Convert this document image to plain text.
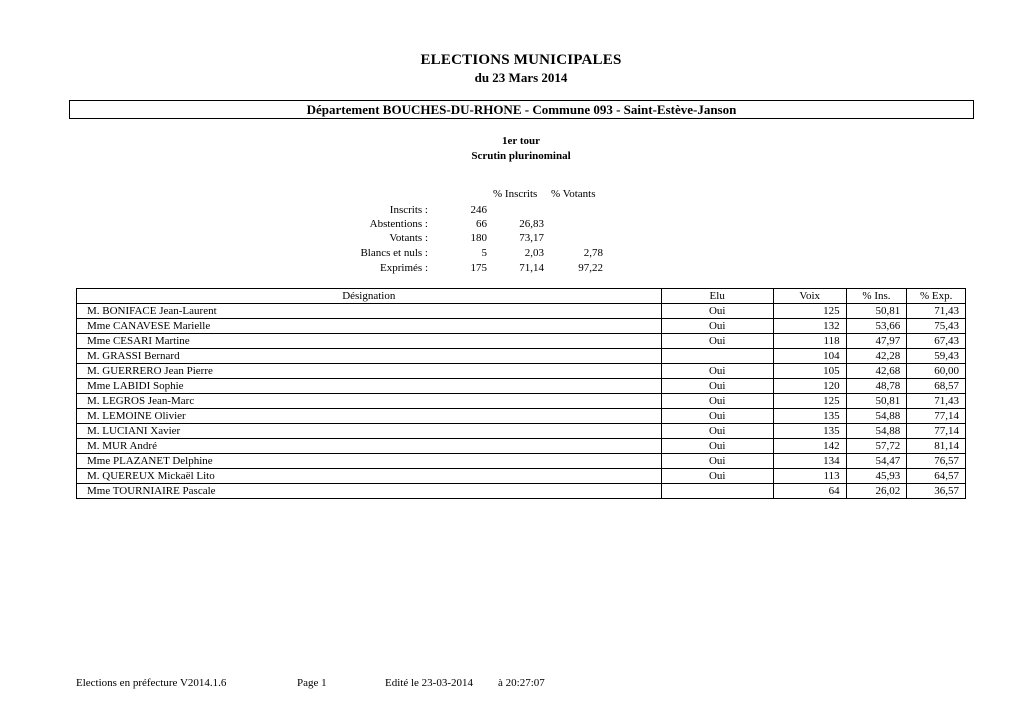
ELECTIONS MUNICIPALES
du 23 Mars 2014
Département BOUCHES-DU-RHONE - Commune 093 - Saint-Estève-Janson
1er tour
Scrutin plurinominal
% Inscrits % Votants
Inscrits :	246
Abstentions :	66	26,83
Votants :	180	73,17
Blancs et nuls :	5	2,03	2,78
Exprimés :	175	71,14	97,22
Désignation	Elu	Voix	% Ins.	% Exp.
M. BONIFACE Jean-Laurent	Oui	125	50,81	71,43
Mme CANAVESE Marielle	Oui	132	53,66	75,43
Mme CESARI Martine	Oui	118	47,97	67,43
M. GRASSI Bernard		104	42,28	59,43
M. GUERRERO Jean Pierre	Oui	105	42,68	60,00
Mme LABIDI Sophie	Oui	120	48,78	68,57
M. LEGROS Jean-Marc	Oui	125	50,81	71,43
M. LEMOINE Olivier	Oui	135	54,88	77,14
M. LUCIANI Xavier	Oui	135	54,88	77,14
M. MUR André	Oui	142	57,72	81,14
Mme PLAZANET Delphine	Oui	134	54,47	76,57
M. QUEREUX Mickaël Lito	Oui	113	45,93	64,57
Mme TOURNIAIRE Pascale		64	26,02	36,57
Elections en préfecture V2014.1.6	Page 1	Edité le 23-03-2014 à 20:27:07
